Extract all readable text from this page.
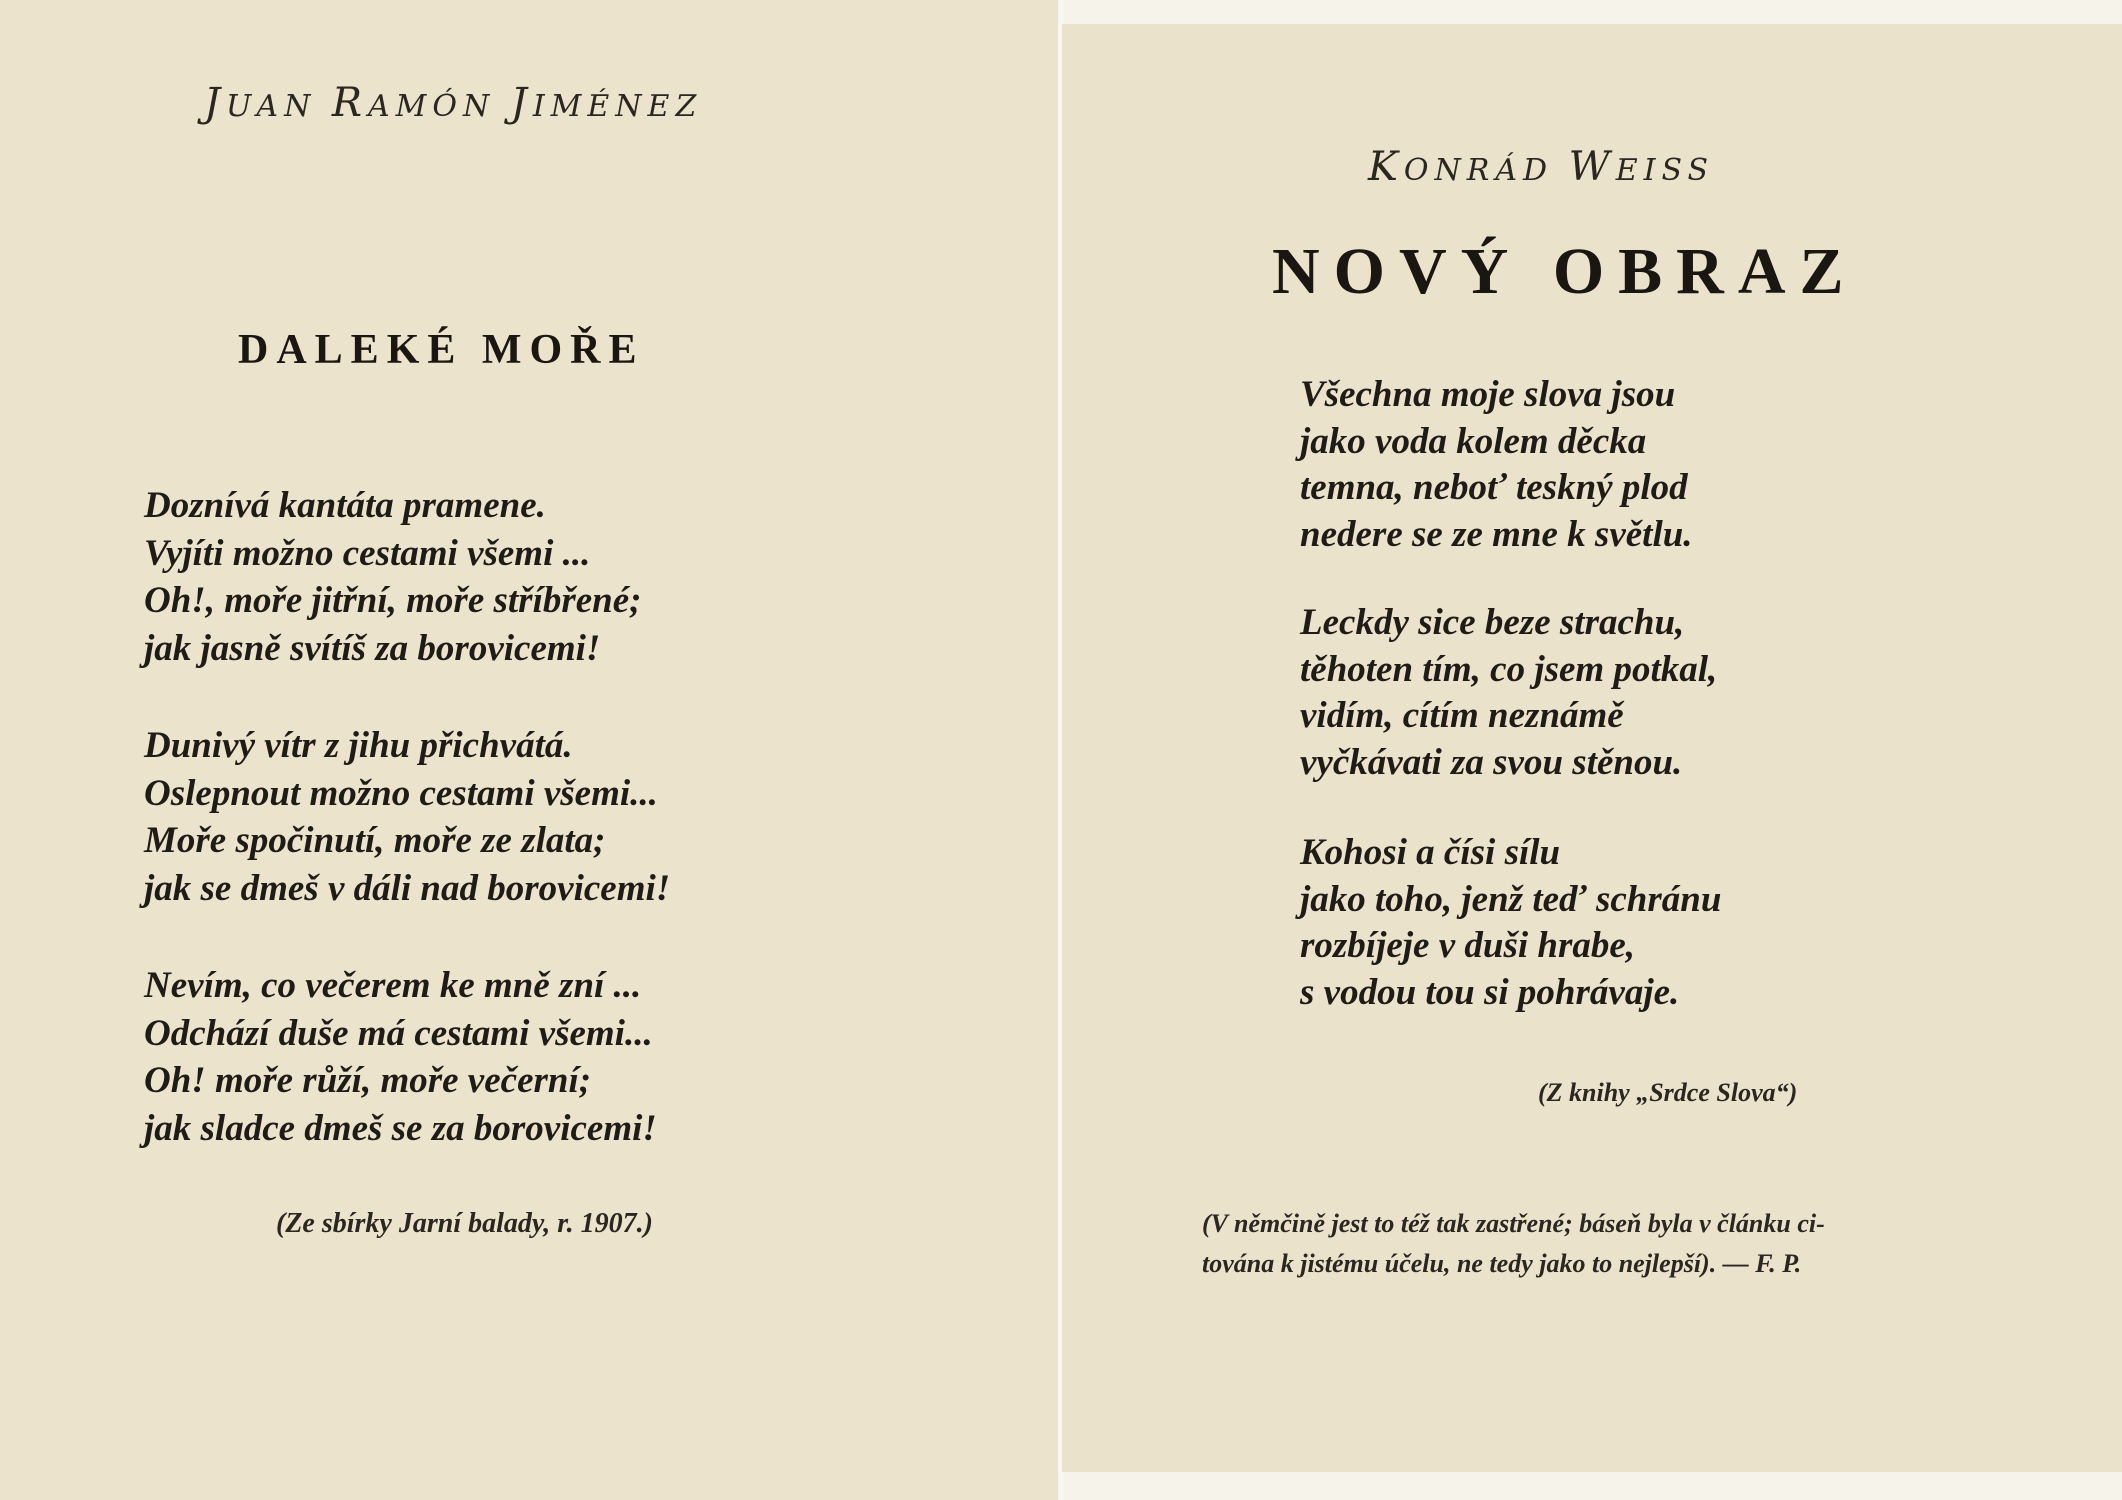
JUAN RAMÓN JIMÉNEZ
DALEKÉ MOŘE
Doznívá kantáta pramene.
Vyjíti možno cestami všemi ...
Oh!, moře jitřní, moře stříbřené;
jak jasně svítíš za borovicemi!
Dunivý vítr z jihu přichvátá.
Oslepnout možno cestami všemi...
Moře spočinutí, moře ze zlata;
jak se dmeš v dáli nad borovicemi!
Nevím, co večerem ke mně zní ...
Odchází duše má cestami všemi...
Oh! moře růží, moře večerní;
jak sladce dmeš se za borovicemi!
(Ze sbírky Jarní balady, r. 1907.)
KONRÁD WEISS
NOVÝ OBRAZ
Všechna moje slova jsou
jako voda kolem děcka
temna, neboť teskný plod
nedere se ze mne k světlu.
Leckdy sice beze strachu,
těhoten tím, co jsem potkal,
vidím, cítím neznámě
vyčkávati za svou stěnou.
Kohosi a čísi sílu
jako toho, jenž teď schránu
rozbíjeje v duši hrabe,
s vodou tou si pohrávaje.
(Z knihy „Srdce Slova“)
(V němčině jest to též tak zastřené; báseň byla v článku ci-
tována k jistému účelu, ne tedy jako to nejlepší). — F. P.
